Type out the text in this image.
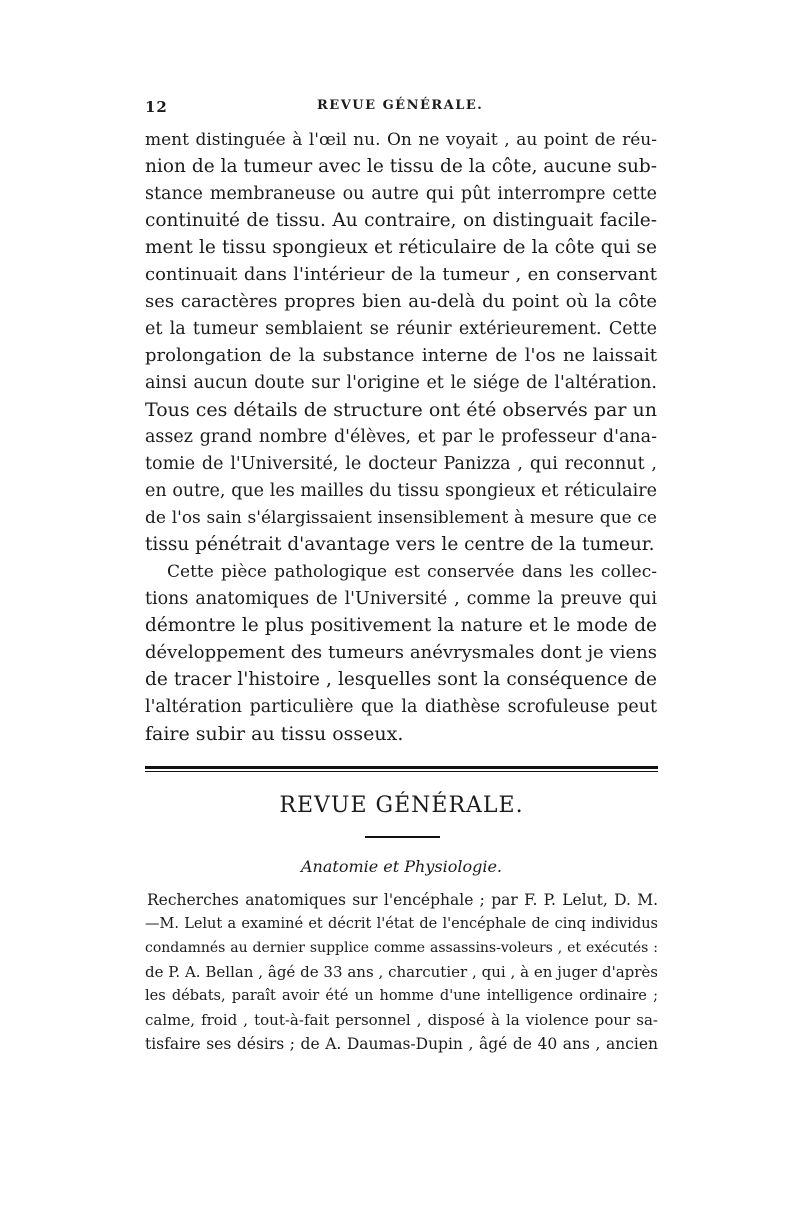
12	REVUE GÉNÉRALE.
ment distinguée à l'œil nu. On ne voyait , au point de réu-
nion de la tumeur avec le tissu de la côte, aucune sub-
stance membraneuse ou autre qui pût interrompre cette
continuité de tissu. Au contraire, on distinguait facile-
ment le tissu spongieux et réticulaire de la côte qui se
continuait dans l'intérieur de la tumeur , en conservant
ses caractères propres bien au-delà du point où la côte
et la tumeur semblaient se réunir extérieurement. Cette
prolongation de la substance interne de l'os ne laissait
ainsi aucun doute sur l'origine et le siége de l'altération.
Tous ces détails de structure ont été observés par un
assez grand nombre d'élèves, et par le professeur d'ana-
tomie de l'Université, le docteur Panizza , qui reconnut ,
en outre, que les mailles du tissu spongieux et réticulaire
de l'os sain s'élargissaient insensiblement à mesure que ce
tissu pénétrait d'avantage vers le centre de la tumeur.
Cette pièce pathologique est conservée dans les collec-
tions anatomiques de l'Université , comme la preuve qui
démontre le plus positivement la nature et le mode de
développement des tumeurs anévrysmales dont je viens
de tracer l'histoire , lesquelles sont la conséquence de
l'altération particulière que la diathèse scrofuleuse peut
faire subir au tissu osseux.
REVUE GÉNÉRALE.
Anatomie et Physiologie.
Recherches anatomiques sur l'encéphale ; par F. P. Lelut, D. M.
—M. Lelut a examiné et décrit l'état de l'encéphale de cinq individus
condamnés au dernier supplice comme assassins-voleurs , et exécutés :
de P. A. Bellan , âgé de 33 ans , charcutier , qui , à en juger d'après
les débats, paraît avoir été un homme d'une intelligence ordinaire ;
calme, froid , tout-à-fait personnel , disposé à la violence pour sa-
tisfaire ses désirs ; de A. Daumas-Dupin , âgé de 40 ans , ancien
